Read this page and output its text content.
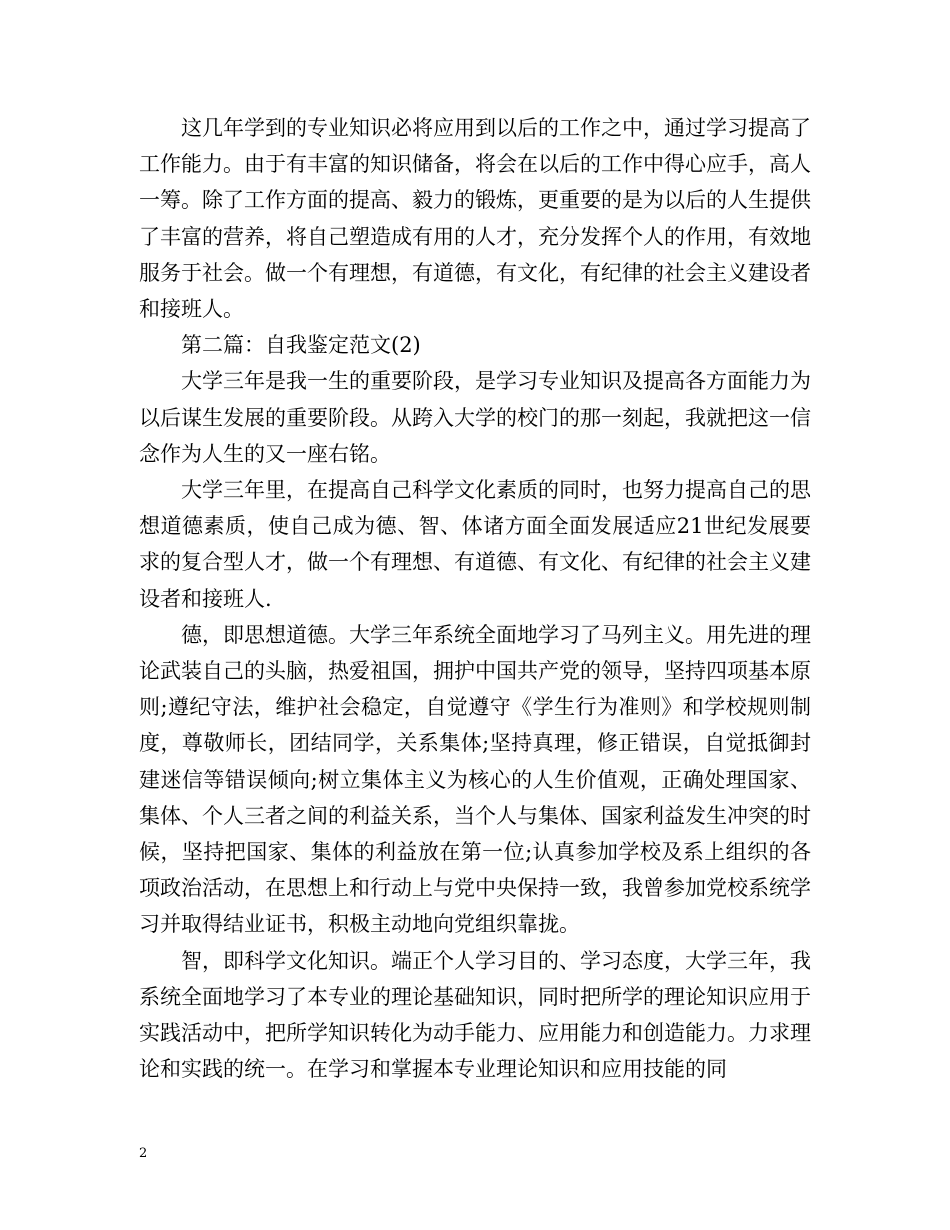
这几年学到的专业知识必将应用到以后的工作之中，通过学习提高了工作能力。由于有丰富的知识储备，将会在以后的工作中得心应手，高人一筹。除了工作方面的提高、毅力的锻炼，更重要的是为以后的人生提供了丰富的营养，将自己塑造成有用的人才，充分发挥个人的作用，有效地服务于社会。做一个有理想，有道德，有文化，有纪律的社会主义建设者和接班人。

第二篇：自我鉴定范文(2)

大学三年是我一生的重要阶段，是学习专业知识及提高各方面能力为以后谋生发展的重要阶段。从跨入大学的校门的那一刻起，我就把这一信念作为人生的又一座右铭。

大学三年里，在提高自己科学文化素质的同时，也努力提高自己的思想道德素质，使自己成为德、智、体诸方面全面发展适应21世纪发展要求的复合型人才，做一个有理想、有道德、有文化、有纪律的社会主义建设者和接班人.

德，即思想道德。大学三年系统全面地学习了马列主义。用先进的理论武装自己的头脑，热爱祖国，拥护中国共产党的领导，坚持四项基本原则;遵纪守法，维护社会稳定，自觉遵守《学生行为准则》和学校规则制度，尊敬师长，团结同学，关系集体;坚持真理，修正错误，自觉抵御封建迷信等错误倾向;树立集体主义为核心的人生价值观，正确处理国家、集体、个人三者之间的利益关系，当个人与集体、国家利益发生冲突的时候，坚持把国家、集体的利益放在第一位;认真参加学校及系上组织的各项政治活动，在思想上和行动上与党中央保持一致，我曾参加党校系统学习并取得结业证书，积极主动地向党组织靠拢。

智，即科学文化知识。端正个人学习目的、学习态度，大学三年，我系统全面地学习了本专业的理论基础知识，同时把所学的理论知识应用于实践活动中，把所学知识转化为动手能力、应用能力和创造能力。力求理论和实践的统一。在学习和掌握本专业理论知识和应用技能的同

2
